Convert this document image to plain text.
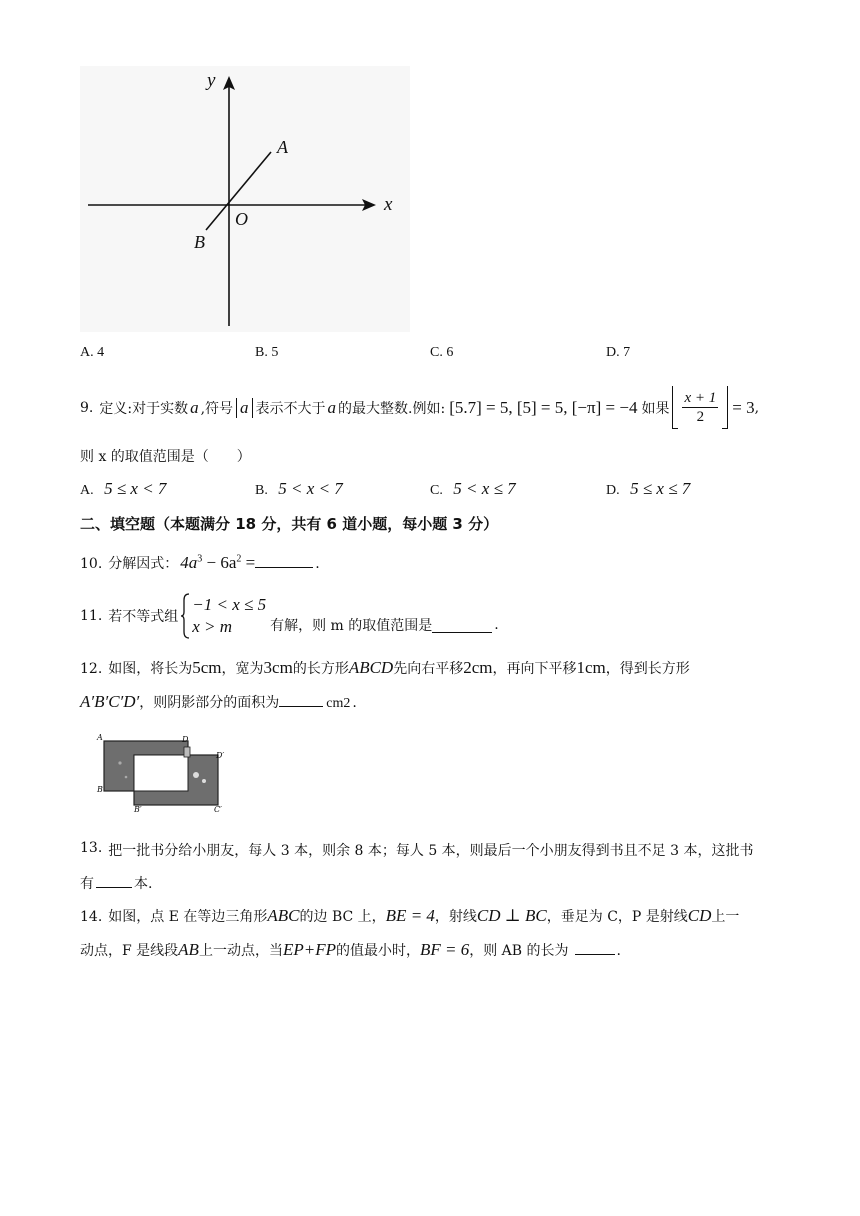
y
x
A
B
O
A. 4	B. 5	C. 6	D. 7
9. 定义:对于实数 a ,符号 a 表示不大于 a 的最大整数.例如: [5.7] = 5, [5] = 5, [−π] = −4 如果 $\frac{x + 1}{2} = 3$ ,
则 x 的取值范围是（　　）
A. 5 ≤ x < 7	B. 5 < x < 7	C. 5 < x ≤ 7	D. 5 ≤ x ≤ 7
二、填空题（本题满分 18 分，共有 6 道小题，每小题 3 分）
10. 分解因式： $4a^3 - 6a^2$ =	.
11. 若不等式组
−1 < x ≤ 5
x > m	有解，则 m 的取值范围是	.
12. 如图，将长为 5cm ，宽为 3cm 的长方形 ABCD 先向右平移 2cm ，再向下平移 1cm ，得到长方形
A′B′C′D′ ，则阴影部分的面积为	cm 2 .
A	D
D′
B
B′	C′
13. 把一批书分给小朋友，每人 3 本，则余 8 本；每人 5 本，则最后一个小朋友得到书且不足 3 本，这批书
有	本.
14. 如图，点 E 在等边三角形 ABC 的边 BC 上， BE = 4 ，射线 CD ⊥ BC ，垂足为 C，P 是射线 CD 上一
动点，F 是线段 AB 上一动点，当 EP+FP 的值最小时， BF = 6 ，则 AB 的长为	.
